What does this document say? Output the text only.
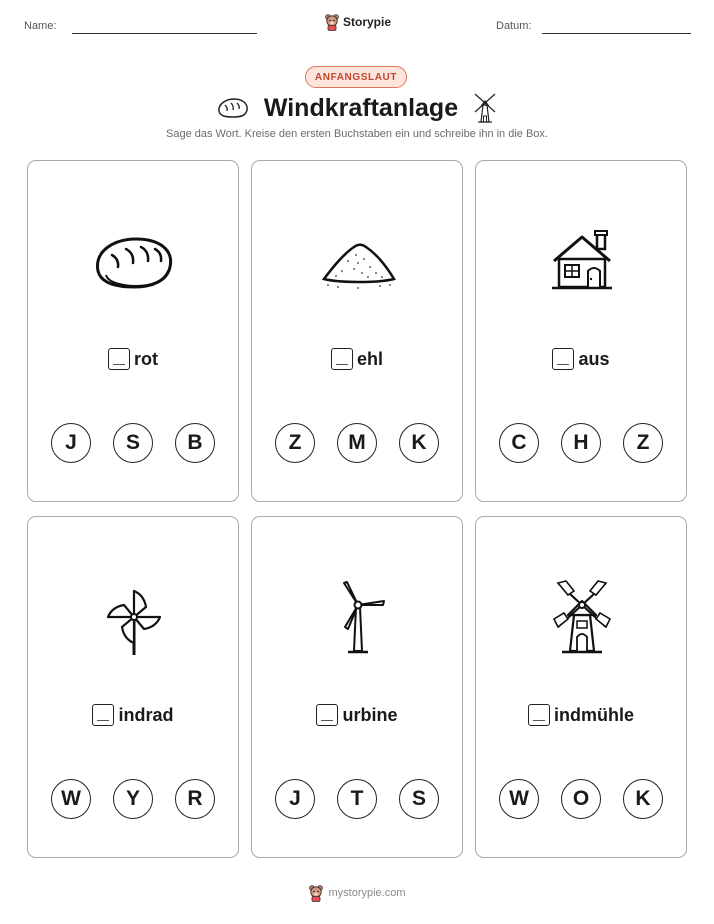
Name:	Storypie	Datum:
ANFANGSLAUT
Windkraftanlage
Sage das Wort. Kreise den ersten Buchstaben ein und schreibe ihn in die Box.
rot
J	S	B
ehl
Z	M	K
aus
C	H	Z
indrad
W	Y	R
urbine
J	T	S
indmühle
W	O	K
mystorypie.com
